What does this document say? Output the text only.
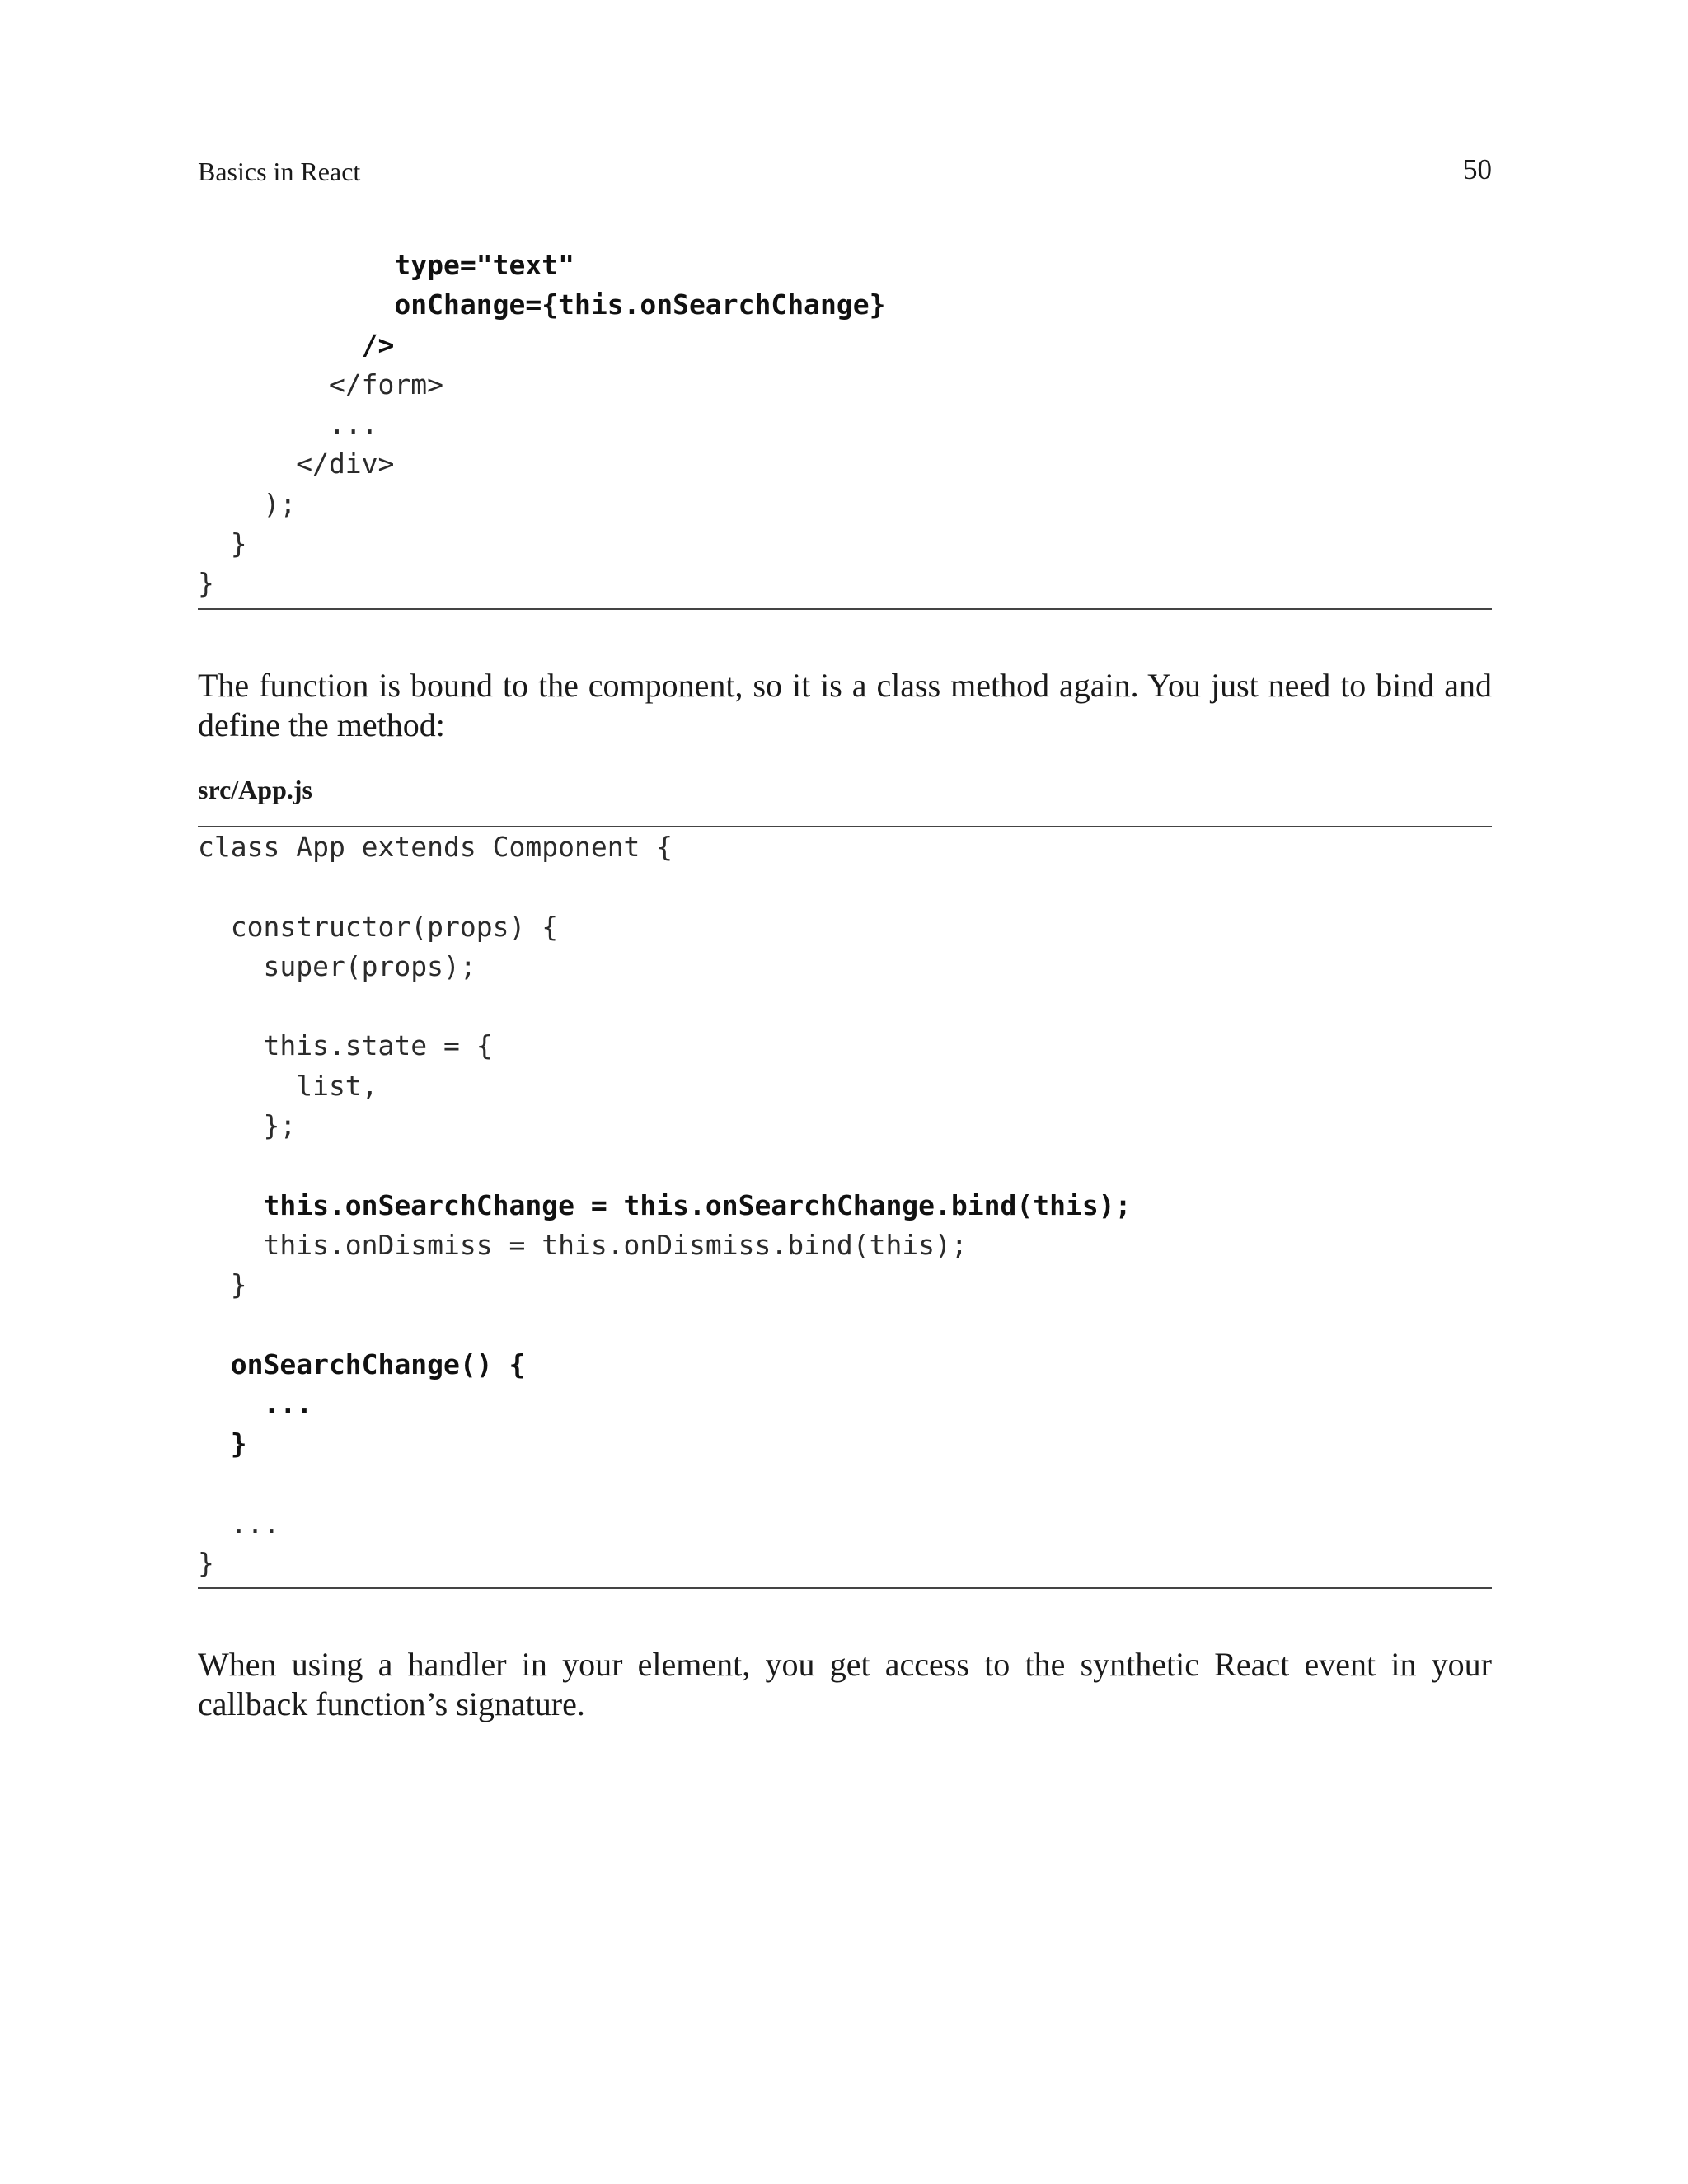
Basics in React	50
type="text"
onChange={this.onSearchChange}
/>
</form>
...
</div>
);
}
}

The function is bound to the component, so it is a class method again. You just need to bind and define the method:

src/App.js
class App extends Component {
constructor(props) {
super(props);
this.state = {
list,
};
this.onSearchChange = this.onSearchChange.bind(this);
this.onDismiss = this.onDismiss.bind(this);
}
onSearchChange() {
...
}
...
}

When using a handler in your element, you get access to the synthetic React event in your callback function’s signature.
